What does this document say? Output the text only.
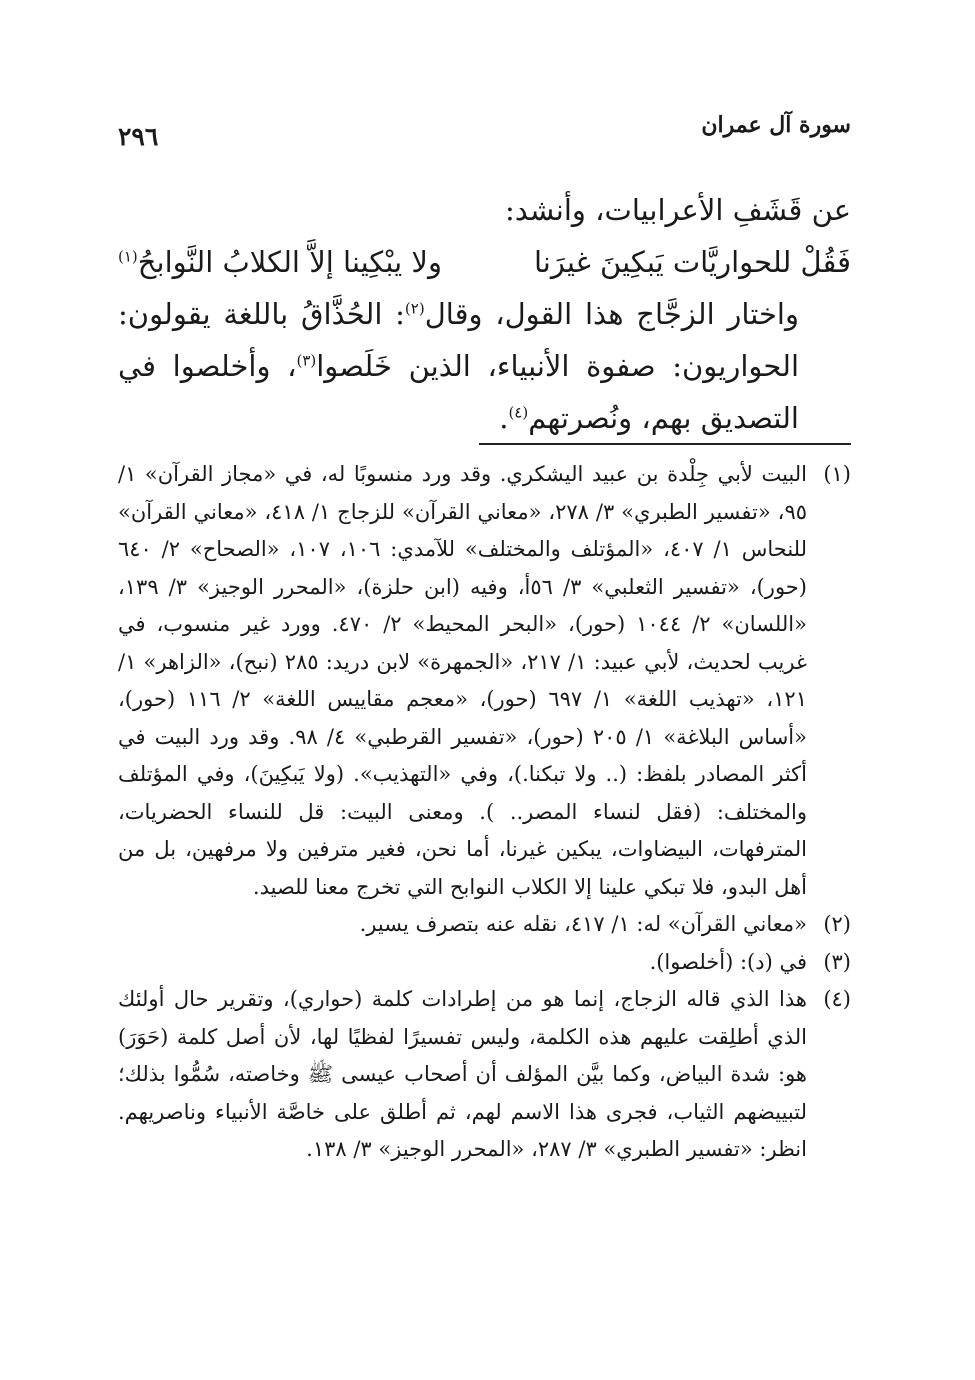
سورة آل عمران
٢٩٦

عن قَشَفِ الأعرابيات، وأنشد:

فَقُلْ للحواريَّات يَبكِينَ غيرَنا
ولا يبْكِينا إلاَّ الكلابُ النَّوابحُ$^{(١)}$

واختار الزجَّاج هذا القول، وقال$^{(٢)}$: الحُذَّاقُ باللغة يقولون: الحواريون: صفوة الأنبياء، الذين خَلَصوا$^{(٣)}$، وأخلصوا في التصديق بهم، ونُصرتهم$^{(٤)}$.

(١)
البيت لأبي جِلْدة بن عبيد اليشكري. وقد ورد منسوبًا له، في «مجاز القرآن» ١/ ٩٥، «تفسير الطبري» ٣/ ٢٧٨، «معاني القرآن» للزجاج ١/ ٤١٨، «معاني القرآن» للنحاس ١/ ٤٠٧، «المؤتلف والمختلف» للآمدي: ١٠٦، ١٠٧، «الصحاح» ٢/ ٦٤٠ (حور)، «تفسير الثعلبي» ٣/ ٥٦أ، وفيه (ابن حلزة)، «المحرر الوجيز» ٣/ ١٣٩، «اللسان» ٢/ ١٠٤٤ (حور)، «البحر المحيط» ٢/ ٤٧٠. وورد غير منسوب، في غريب لحديث، لأبي عبيد: ١/ ٢١٧، «الجمهرة» لابن دريد: ٢٨٥ (نبح)، «الزاهر» ١/ ١٢١، «تهذيب اللغة» ١/ ٦٩٧ (حور)، «معجم مقاييس اللغة» ٢/ ١١٦ (حور)، «أساس البلاغة» ١/ ٢٠٥ (حور)، «تفسير القرطبي» ٤/ ٩٨. وقد ورد البيت في أكثر المصادر بلفظ: (.. ولا تبكنا.)، وفي «التهذيب». (ولا يَبكِينَ)، وفي المؤتلف والمختلف: (فقل لنساء المصر.. ). ومعنى البيت: قل للنساء الحضريات، المترفهات، البيضاوات، يبكين غيرنا، أما نحن، فغير مترفين ولا مرفهين، بل من أهل البدو، فلا تبكي علينا إلا الكلاب النوابح التي تخرج معنا للصيد.
(٢)
«معاني القرآن» له: ١/ ٤١٧، نقله عنه بتصرف يسير.
(٣)
في (د): (أخلصوا).
(٤)
هذا الذي قاله الزجاج، إنما هو من إطرادات كلمة (حواري)، وتقرير حال أولئك الذي أطلِقت عليهم هذه الكلمة، وليس تفسيرًا لفظيًا لها، لأن أصل كلمة (حَوَرَ) هو: شدة البياض، وكما بيَّن المؤلف أن أصحاب عيسى ﷺ وخاصته، سُمُّوا بذلك؛ لتبييضهم الثياب، فجرى هذا الاسم لهم، ثم أطلق على خاصَّة الأنبياء وناصريهم. انظر: «تفسير الطبري» ٣/ ٢٨٧، «المحرر الوجيز» ٣/ ١٣٨.
